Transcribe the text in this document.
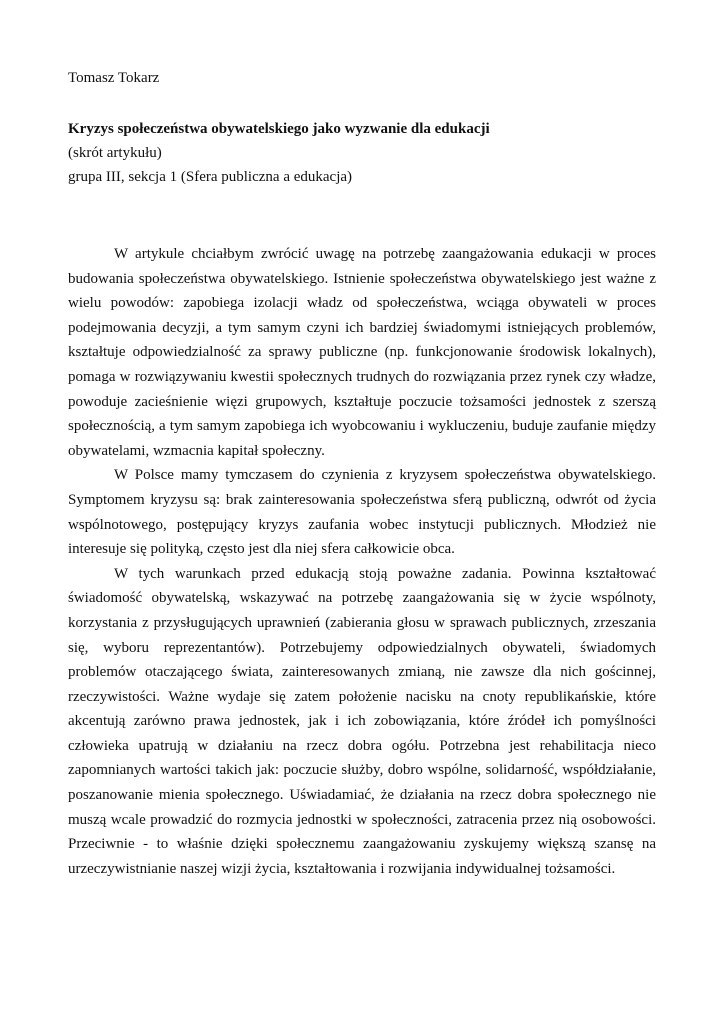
Tomasz Tokarz

Kryzys społeczeństwa obywatelskiego jako wyzwanie dla edukacji

(skrót artykułu)

grupa III, sekcja 1 (Sfera publiczna a edukacja)

W artykule chciałbym zwrócić uwagę na potrzebę zaangażowania edukacji w proces budowania społeczeństwa obywatelskiego. Istnienie społeczeństwa obywatelskiego jest ważne z wielu powodów: zapobiega izolacji władz od społeczeństwa, wciąga obywateli w proces podejmowania decyzji, a tym samym czyni ich bardziej świadomymi istniejących problemów, kształtuje odpowiedzialność za sprawy publiczne (np. funkcjonowanie środowisk lokalnych), pomaga w rozwiązywaniu kwestii społecznych trudnych do rozwiązania przez rynek czy władze, powoduje zacieśnienie więzi grupowych, kształtuje poczucie tożsamości jednostek z szerszą społecznością, a tym samym zapobiega ich wyobcowaniu i wykluczeniu, buduje zaufanie między obywatelami, wzmacnia kapitał społeczny.

W Polsce mamy tymczasem do czynienia z kryzysem społeczeństwa obywatelskiego. Symptomem kryzysu są: brak zainteresowania społeczeństwa sferą publiczną, odwrót od życia wspólnotowego, postępujący kryzys zaufania wobec instytucji publicznych. Młodzież nie interesuje się polityką, często jest dla niej sfera całkowicie obca.

W tych warunkach przed edukacją stoją poważne zadania. Powinna kształtować świadomość obywatelską, wskazywać na potrzebę zaangażowania się w życie wspólnoty, korzystania z przysługujących uprawnień (zabierania głosu w sprawach publicznych, zrzeszania się, wyboru reprezentantów). Potrzebujemy odpowiedzialnych obywateli, świadomych problemów otaczającego świata, zainteresowanych zmianą, nie zawsze dla nich gościnnej, rzeczywistości. Ważne wydaje się zatem położenie nacisku na cnoty republikańskie, które akcentują zarówno prawa jednostek, jak i ich zobowiązania, które źródeł ich pomyślności człowieka upatrują w działaniu na rzecz dobra ogółu. Potrzebna jest rehabilitacja nieco zapomnianych wartości takich jak: poczucie służby, dobro wspólne, solidarność, współdziałanie, poszanowanie mienia społecznego. Uświadamiać, że działania na rzecz dobra społecznego nie muszą wcale prowadzić do rozmycia jednostki w społeczności, zatracenia przez nią osobowości. Przeciwnie - to właśnie dzięki społecznemu zaangażowaniu zyskujemy większą szansę na urzeczywistnianie naszej wizji życia, kształtowania i rozwijania indywidualnej tożsamości.
